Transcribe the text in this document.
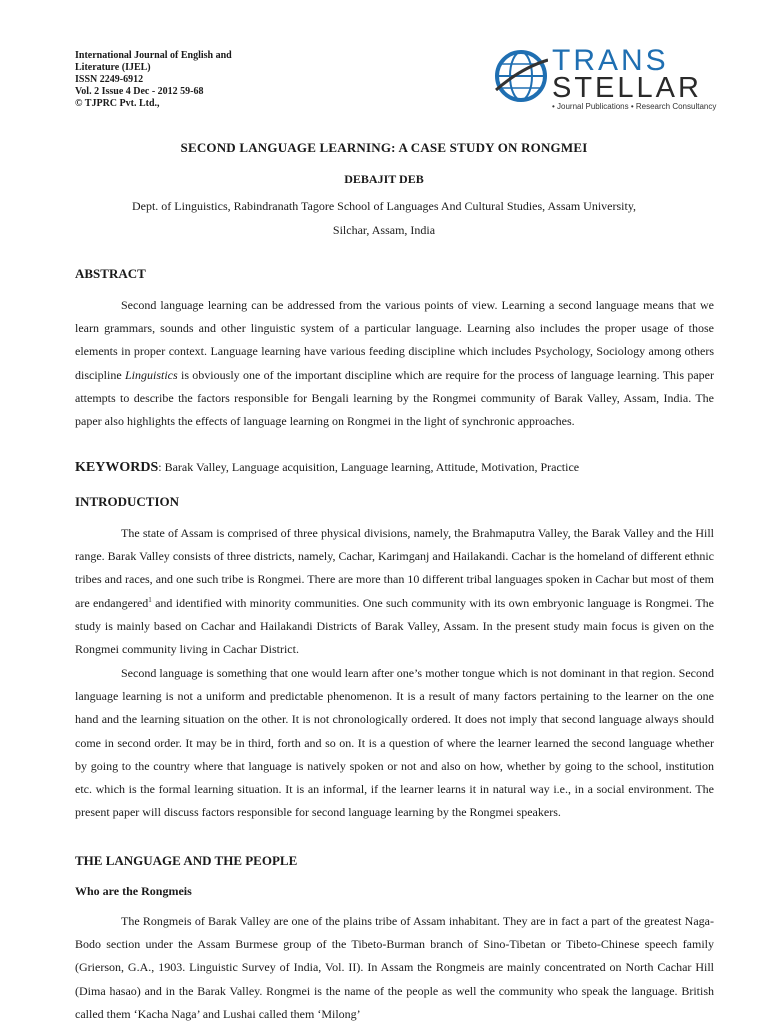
International Journal of English and
Literature (IJEL)
ISSN 2249-6912
Vol. 2 Issue 4 Dec - 2012 59-68
© TJPRC Pvt. Ltd.,
TRANS
STELLAR
• Journal Publications • Research Consultancy
SECOND LANGUAGE LEARNING: A CASE STUDY ON RONGMEI
DEBAJIT DEB
Dept. of Linguistics, Rabindranath Tagore School of Languages And Cultural Studies, Assam University,
Silchar, Assam, India
ABSTRACT
Second language learning can be addressed from the various points of view. Learning a second language means that we learn grammars, sounds and other linguistic system of a particular language. Learning also includes the proper usage of those elements in proper context. Language learning have various feeding discipline which includes Psychology, Sociology among others discipline Linguistics is obviously one of the important discipline which are require for the process of language learning. This paper attempts to describe the factors responsible for Bengali learning by the Rongmei community of Barak Valley, Assam, India. The paper also highlights the effects of language learning on Rongmei in the light of synchronic approaches.
KEYWORDS: Barak Valley, Language acquisition, Language learning, Attitude, Motivation, Practice
INTRODUCTION
The state of Assam is comprised of three physical divisions, namely, the Brahmaputra Valley, the Barak Valley and the Hill range. Barak Valley consists of three districts, namely, Cachar, Karimganj and Hailakandi. Cachar is the homeland of different ethnic tribes and races, and one such tribe is Rongmei. There are more than 10 different tribal languages spoken in Cachar but most of them are endangered$^1$ and identified with minority communities. One such community with its own embryonic language is Rongmei. The study is mainly based on Cachar and Hailakandi Districts of Barak Valley, Assam. In the present study main focus is given on the Rongmei community living in Cachar District.
Second language is something that one would learn after one’s mother tongue which is not dominant in that region. Second language learning is not a uniform and predictable phenomenon. It is a result of many factors pertaining to the learner on the one hand and the learning situation on the other. It is not chronologically ordered. It does not imply that second language always should come in second order. It may be in third, forth and so on. It is a question of where the learner learned the second language whether by going to the country where that language is natively spoken or not and also on how, whether by going to the school, institution etc. which is the formal learning situation. It is an informal, if the learner learns it in natural way i.e., in a social environment. The present paper will discuss factors responsible for second language learning by the Rongmei speakers.
THE LANGUAGE AND THE PEOPLE
Who are the Rongmeis
The Rongmeis of Barak Valley are one of the plains tribe of Assam inhabitant. They are in fact a part of the greatest Naga-Bodo section under the Assam Burmese group of the Tibeto-Burman branch of Sino-Tibetan or Tibeto-Chinese speech family (Grierson, G.A., 1903. Linguistic Survey of India, Vol. II). In Assam the Rongmeis are mainly concentrated on North Cachar Hill (Dima hasao) and in the Barak Valley. Rongmei is the name of the people as well the community who speak the language. British called them ‘Kacha Naga’ and Lushai called them ‘Milong’
